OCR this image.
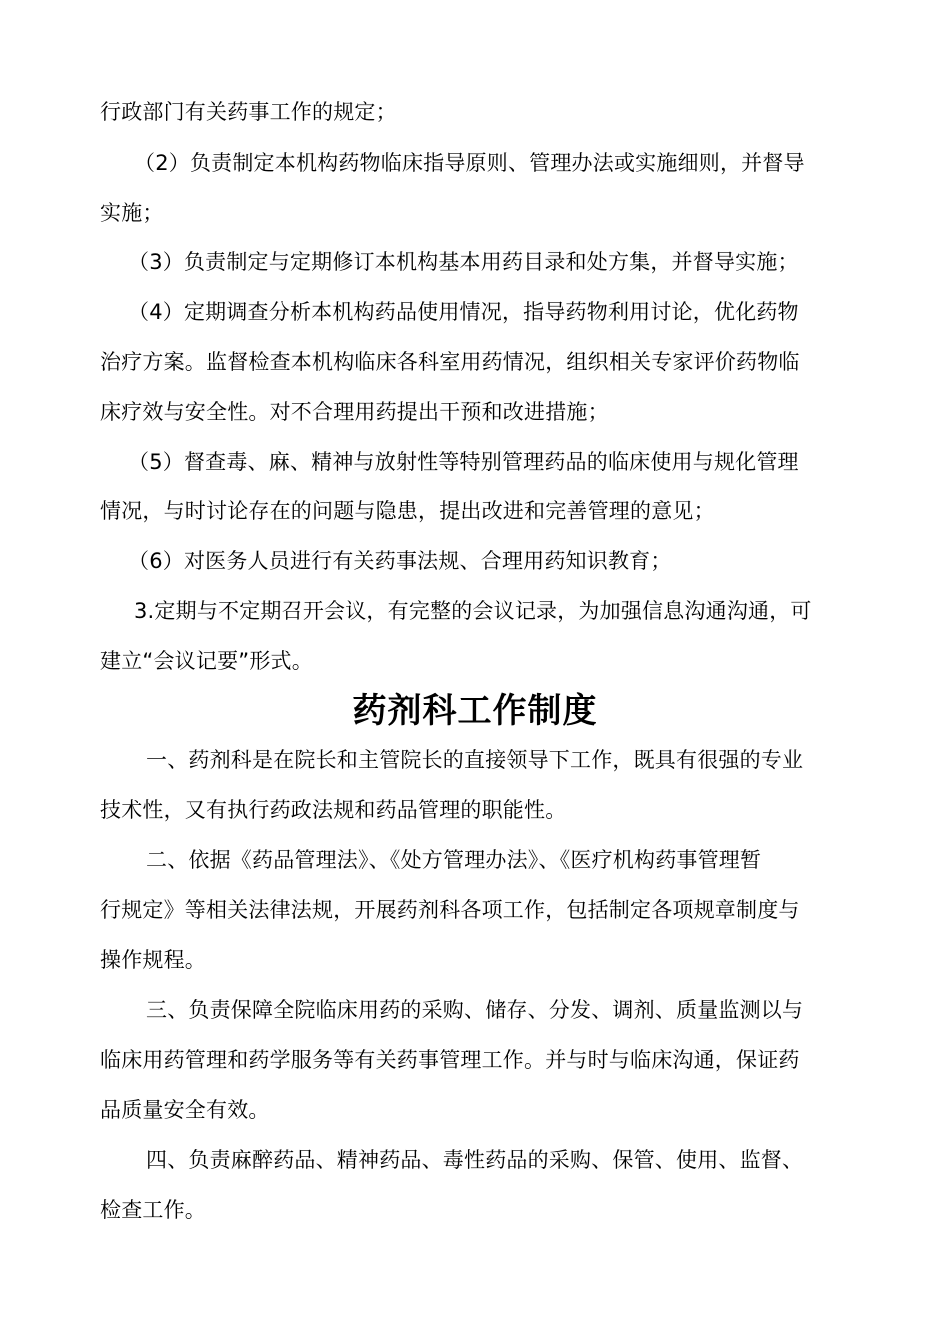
行政部门有关药事工作的规定；
（2）负责制定本机构药物临床指导原则、管理办法或实施细则，并督导
实施；
（3）负责制定与定期修订本机构基本用药目录和处方集，并督导实施；
（4）定期调查分析本机构药品使用情况，指导药物利用讨论，优化药物
治疗方案。监督检查本机构临床各科室用药情况，组织相关专家评价药物临
床疗效与安全性。对不合理用药提出干预和改进措施；
（5）督查毒、麻、精神与放射性等特别管理药品的临床使用与规化管理
情况，与时讨论存在的问题与隐患，提出改进和完善管理的意见；
（6）对医务人员进行有关药事法规、合理用药知识教育；
3.定期与不定期召开会议，有完整的会议记录，为加强信息沟通沟通，可
建立“会议记要”形式。
药剂科工作制度
一、药剂科是在院长和主管院长的直接领导下工作，既具有很强的专业
技术性，又有执行药政法规和药品管理的职能性。
二、依据《药品管理法》、《处方管理办法》、《医疗机构药事管理暂
行规定》等相关法律法规，开展药剂科各项工作，包括制定各项规章制度与
操作规程。
三、负责保障全院临床用药的采购、储存、分发、调剂、质量监测以与
临床用药管理和药学服务等有关药事管理工作。并与时与临床沟通，保证药
品质量安全有效。
四、负责麻醉药品、精神药品、毒性药品的采购、保管、使用、监督、
检查工作。
